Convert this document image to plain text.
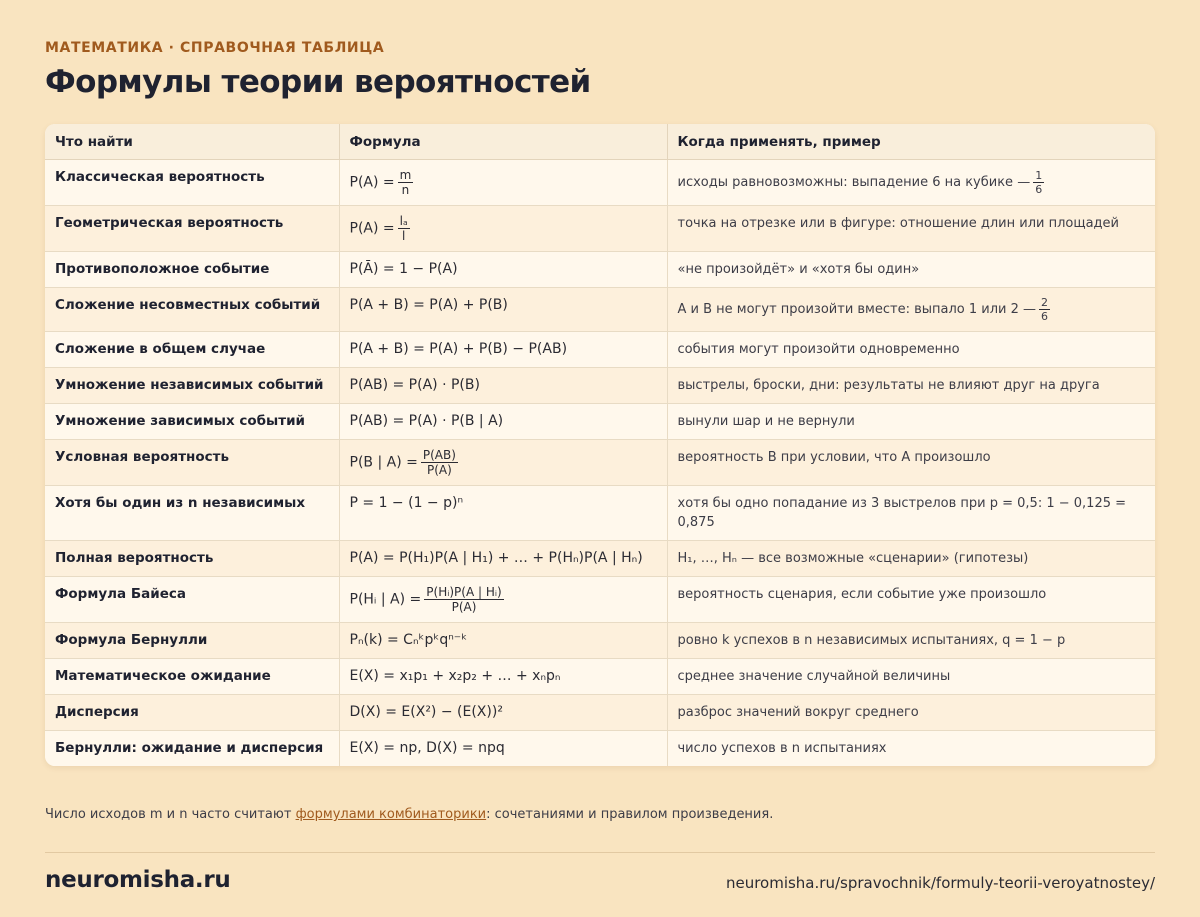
МАТЕМАТИКА · СПРАВОЧНАЯ ТАБЛИЦА
Формулы теории вероятностей
Что найти	Формула	Когда применять, пример
Классическая вероятность	$P(A) = \frac{m}{n}$	исходы равновозможны: выпадение 6 на кубике — $\frac{1}{6}$

Геометрическая вероятность	$P(A) = \frac{\text{lₐ}}{l}$	точка на отрезке или в фигуре: отношение длин или площадей
Противоположное событие	P(Ā) = 1 − P(A)	«не произойдёт» и «хотя бы один»
Сложение несовместных событий	P(A + B) = P(A) + P(B)	A и B не могут произойти вместе: выпало 1 или 2 — $\frac{2}{6}$

Сложение в общем случае	P(A + B) = P(A) + P(B) − P(AB)	события могут произойти одновременно
Умножение независимых событий	P(AB) = P(A) · P(B)	выстрелы, броски, дни: результаты не влияют друг на друга
Умножение зависимых событий	P(AB) = P(A) · P(B | A)	вынули шар и не вернули
Условная вероятность	P(B | $A) = \frac{P(AB)}{P(A)}$	вероятность B при условии, что A произошло
Хотя бы один из n независимых	P = 1 − (1 − p)ⁿ	хотя бы одно попадание из 3 выстрелов при p = 0,5: 1 − 0,125 = 0,875
Полная вероятность	P(A) = P(H₁)P(A | H₁) + … + P(Hₙ)P(A | Hₙ)	H₁, …, Hₙ — все возможные «сценарии» (гипотезы)
Формула Байеса	P(Hᵢ | $A) = \frac{\text{P(Hᵢ)P(A | Hᵢ)}}{P(A)}$	вероятность сценария, если событие уже произошло
Формула Бернулли	Pₙ(k) = Cₙᵏpᵏqⁿ⁻ᵏ	ровно k успехов в n независимых испытаниях, q = 1 − p
Математическое ожидание	E(X) = x₁p₁ + x₂p₂ + … + xₙpₙ	среднее значение случайной величины
Дисперсия	D(X) = E(X²) − (E(X))²	разброс значений вокруг среднего
Бернулли: ожидание и дисперсия	E(X) = np, D(X) = npq	число успехов в n испытаниях
Число исходов m и n часто считают формулами комбинаторики: сочетаниями и правилом произведения.
neuromisha.ru	neuromisha.ru/spravochnik/formuly-teorii-veroyatnostey/
